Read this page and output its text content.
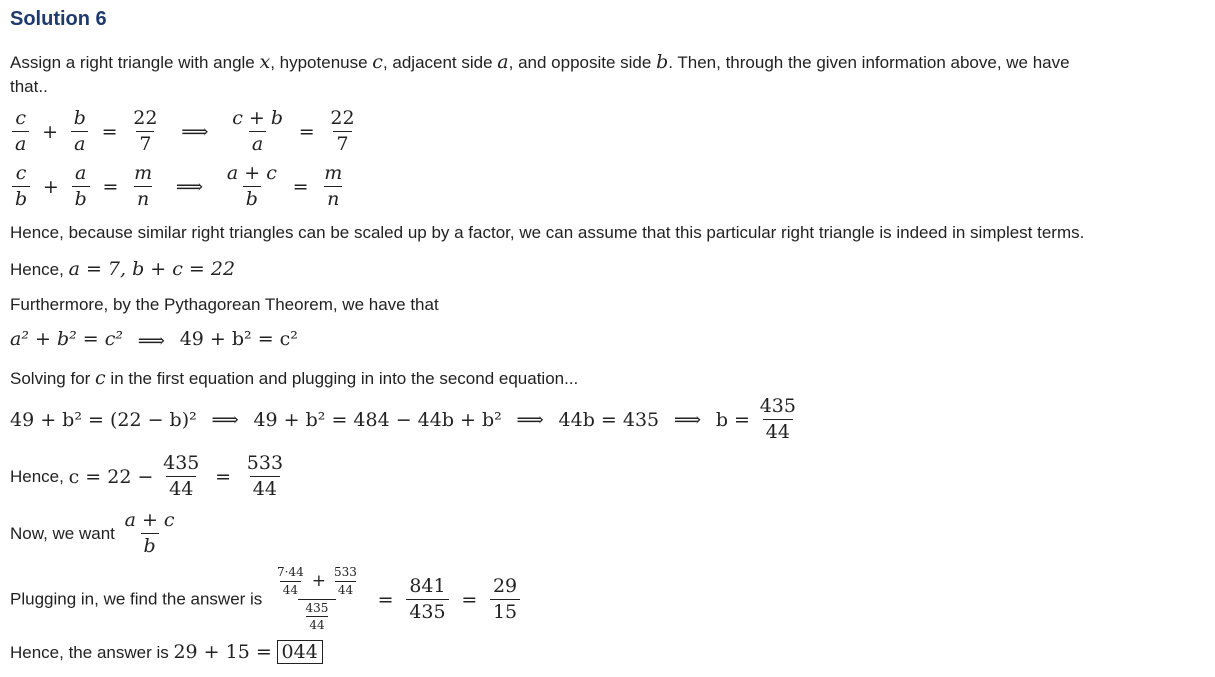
Solution 6
Assign a right triangle with angle x, hypotenuse c, adjacent side a, and opposite side b. Then, through the given information above, we have
that..
$\frac{c}{a} + \frac{b}{a} = \frac{22}{7}$ ⟹ $\frac{c + b}{a} = \frac{22}{7}$
$\frac{c}{b} + \frac{a}{b} = \frac{m}{n}$ ⟹ $\frac{a + c}{b} = \frac{m}{n}$
Hence, because similar right triangles can be scaled up by a factor, we can assume that this particular right triangle is indeed in simplest terms.
Hence, a = 7, b + c = 22
Furthermore, by the Pythagorean Theorem, we have that
a² + b² = c² ⟹ 49 + b² = c²
Solving for c in the first equation and plugging in into the second equation...
49 + b² = (22 − b)² ⟹ 49 + b² = 484 − 44b + b² ⟹ 44b = 435 ⟹ $b = \frac{435}{44}$
Hence, $c = 22 - \frac{435}{44} = \frac{533}{44}$
Now, we want $\frac{a + c}{b}$
Plugging in, we find the answer is $\frac{\frac{7\cdot 44}{44} + \frac{533}{44}}{\frac{435}{44}} = \frac{841}{435} = \frac{29}{15}$
Hence, the answer is 29 + 15 = 044
